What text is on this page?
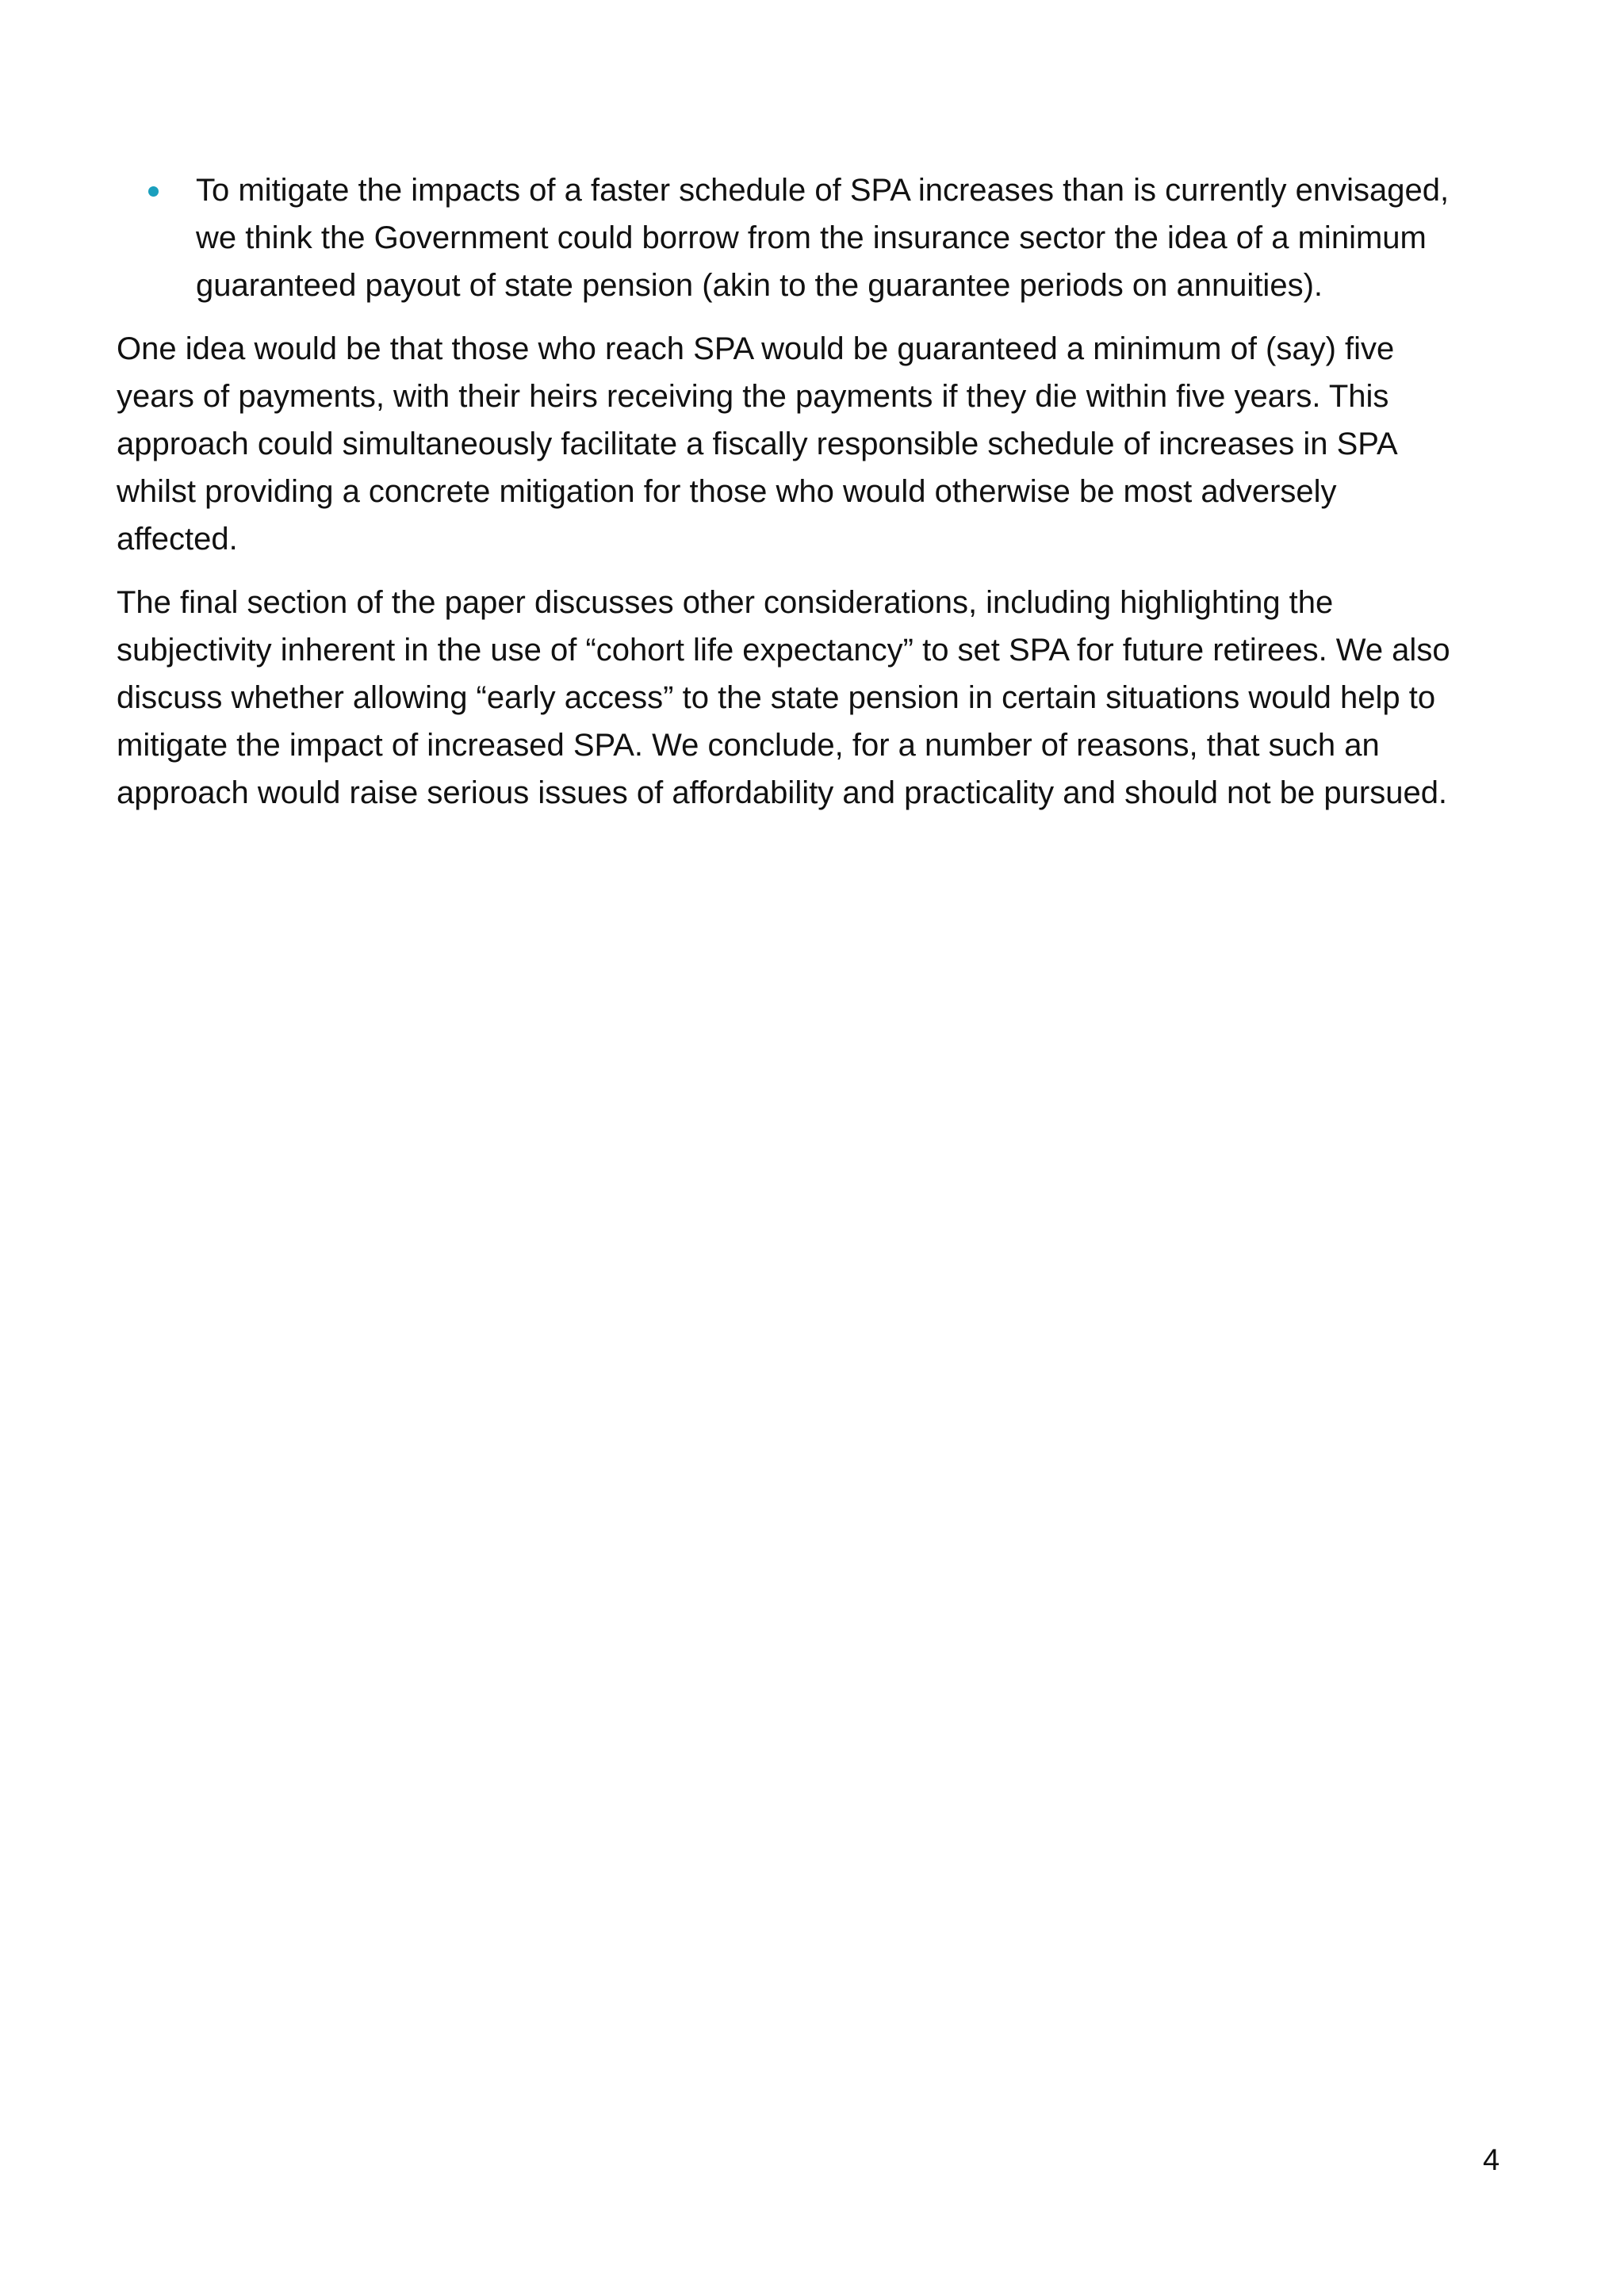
To mitigate the impacts of a faster schedule of SPA increases than is currently envisaged, we think the Government could borrow from the insurance sector the idea of a minimum guaranteed payout of state pension (akin to the guarantee periods on annuities).

One idea would be that those who reach SPA would be guaranteed a minimum of (say) five years of payments, with their heirs receiving the payments if they die within five years. This approach could simultaneously facilitate a fiscally responsible schedule of increases in SPA whilst providing a concrete mitigation for those who would otherwise be most adversely affected.

The final section of the paper discusses other considerations, including highlighting the subjectivity inherent in the use of “cohort life expectancy” to set SPA for future retirees. We also discuss whether allowing “early access” to the state pension in certain situations would help to mitigate the impact of increased SPA. We conclude, for a number of reasons, that such an approach would raise serious issues of affordability and practicality and should not be pursued.

4
